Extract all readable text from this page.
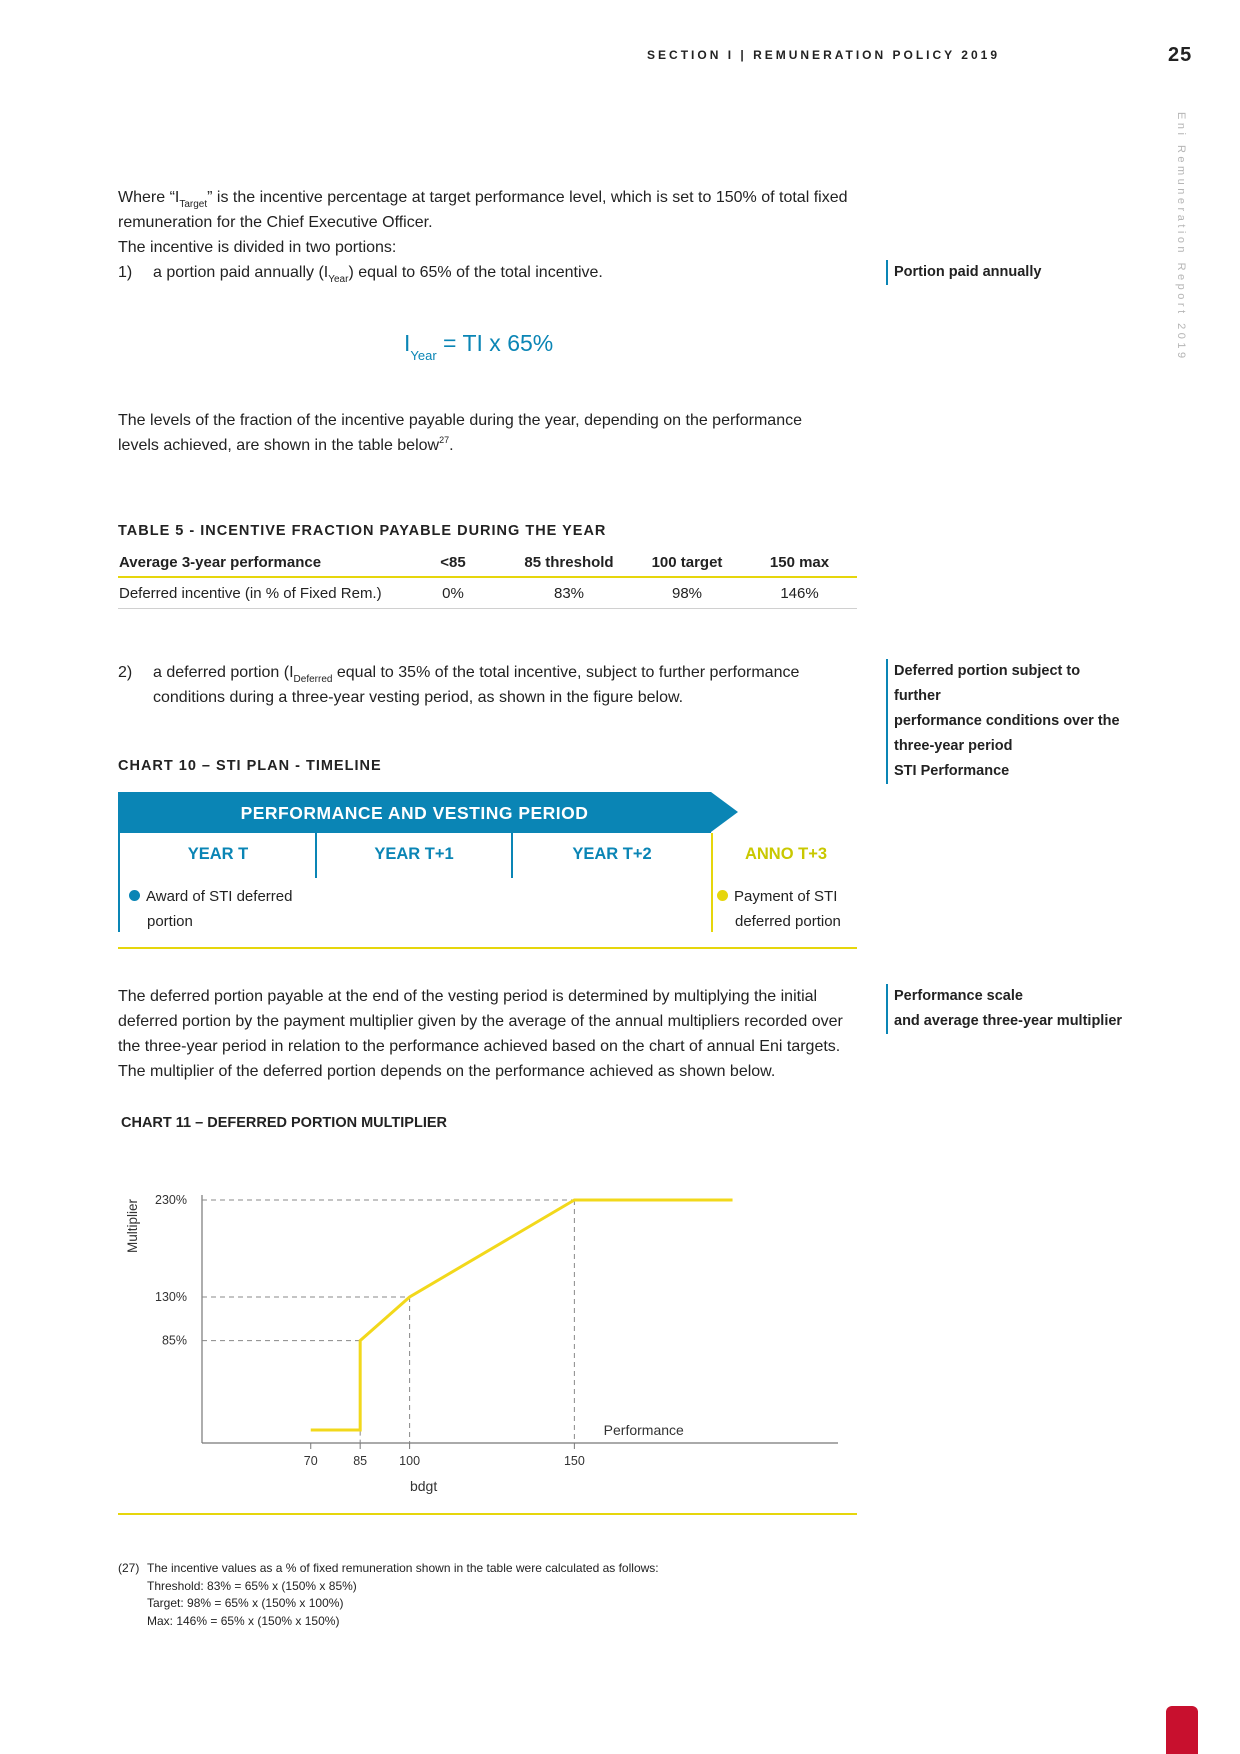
SECTION I | REMUNERATION POLICY 2019	25
Eni Remuneration Report 2019

Where “$I_{Target}$” is the incentive percentage at target performance level, which is set to 150% of total fixed

remuneration for the Chief Executive Officer.

The incentive is divided in two portions:

1)	a portion paid annually $(I_{Year})$ equal to 65% of the total incentive.	Portion paid annually
$I_{Year}$ = TI x 65%

The levels of the fraction of the incentive payable during the year, depending on the performance

levels achieved, are shown in the table below$^{27}$.

TABLE 5 - INCENTIVE FRACTION PAYABLE DURING THE YEAR
Average 3-year performance	<85	85 threshold	100 target	150 max
Deferred incentive (in % of Fixed Rem.)	0%	83%	98%	146%

2)	a deferred portion ($I_{Deferred}$ equal to 35% of the total incentive, subject to further performance

conditions during a three-year vesting period, as shown in the figure below.

Deferred portion subject to further
performance conditions over the
three-year period
CHART 10 – STI PLAN - TIMELINE	STI Performance
PERFORMANCE AND VESTING PERIOD
YEAR T	YEAR T+1	YEAR T+2	ANNO T+3
Award of STI deferred
portion
Payment of STI
deferred portion

The deferred portion payable at the end of the vesting period is determined by multiplying the initial

deferred portion by the payment multiplier given by the average of the annual multipliers recorded over

the three-year period in relation to the performance achieved based on the chart of annual Eni targets.

The multiplier of the deferred portion depends on the performance achieved as shown below.

Performance scale
and average three-year multiplier
CHART 11 – DEFERRED PORTION MULTIPLIER
230%
130%
85%
70	85	100	150
bdgt
Performance
Multiplier
(27) The incentive values as a % of fixed remuneration shown in the table were calculated as follows:
Threshold: 83% = 65% x (150% x 85%)
Target: 98% = 65% x (150% x 100%)
Max: 146% = 65% x (150% x 150%)
